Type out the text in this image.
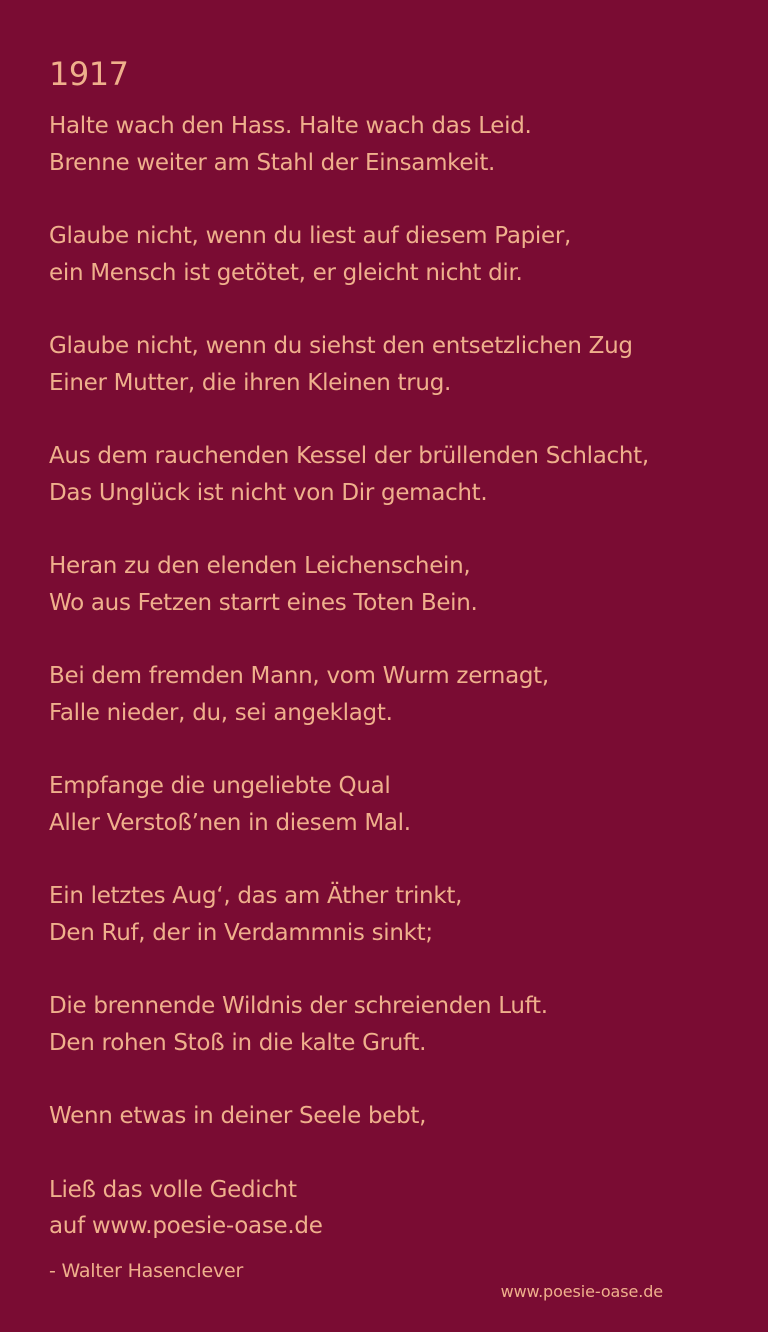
1917
Halte wach den Hass. Halte wach das Leid.
Brenne weiter am Stahl der Einsamkeit.
Glaube nicht, wenn du liest auf diesem Papier,
ein Mensch ist getötet, er gleicht nicht dir.
Glaube nicht, wenn du siehst den entsetzlichen Zug
Einer Mutter, die ihren Kleinen trug.
Aus dem rauchenden Kessel der brüllenden Schlacht,
Das Unglück ist nicht von Dir gemacht.
Heran zu den elenden Leichenschein,
Wo aus Fetzen starrt eines Toten Bein.
Bei dem fremden Mann, vom Wurm zernagt,
Falle nieder, du, sei angeklagt.
Empfange die ungeliebte Qual
Aller Verstoß’nen in diesem Mal.
Ein letztes Aug‘, das am Äther trinkt,
Den Ruf, der in Verdammnis sinkt;
Die brennende Wildnis der schreienden Luft.
Den rohen Stoß in die kalte Gruft.
Wenn etwas in deiner Seele bebt,
Ließ das volle Gedicht
auf www.poesie-oase.de
- Walter Hasenclever
www.poesie-oase.de
